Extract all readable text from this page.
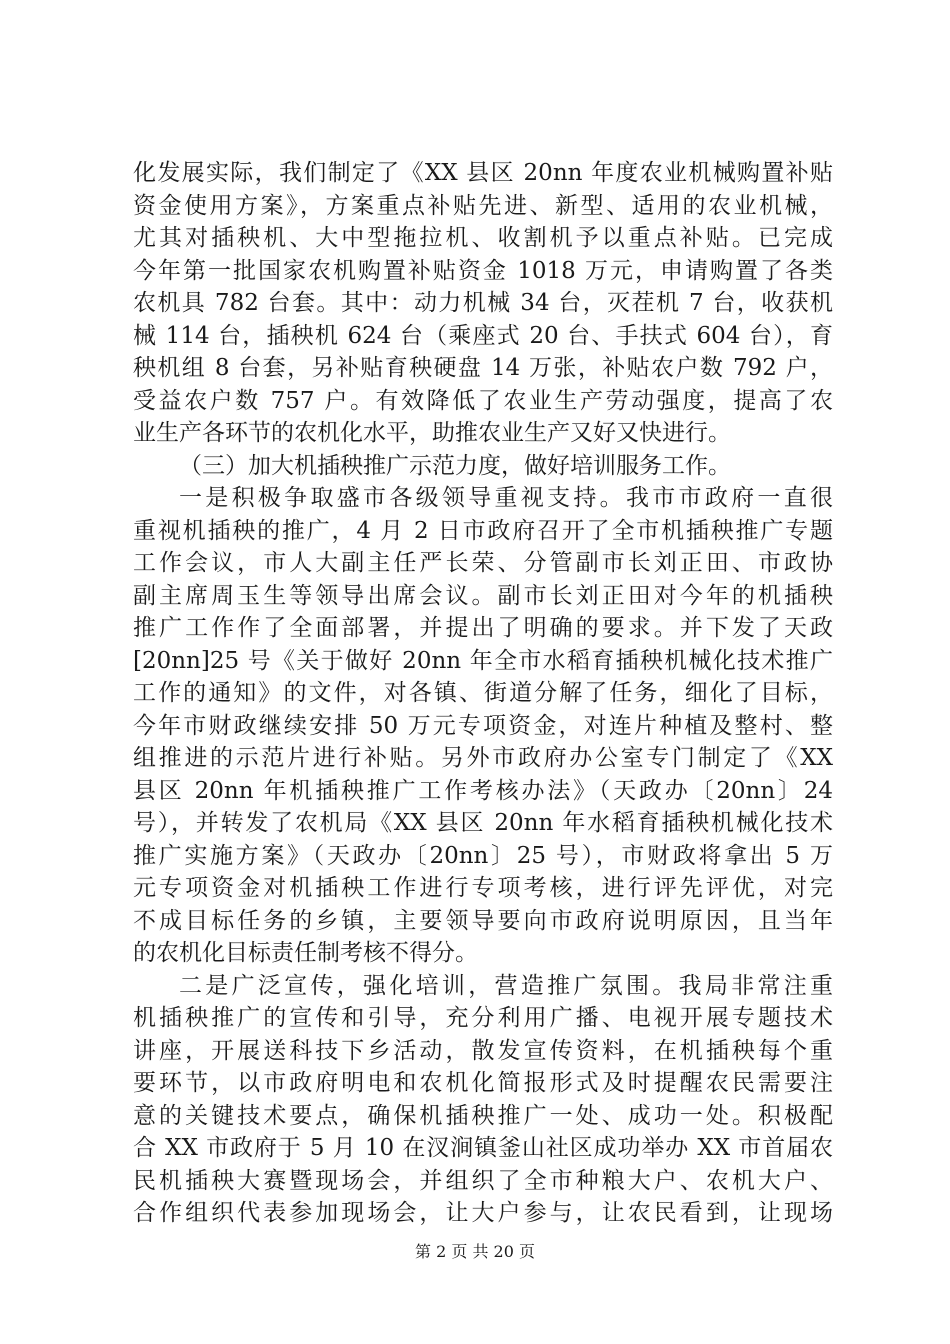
化发展实际，我们制定了《XX 县区 20nn 年度农业机械购置补贴
资金使用方案》，方案重点补贴先进、新型、适用的农业机械，
尤其对插秧机、大中型拖拉机、收割机予以重点补贴。已完成
今年第一批国家农机购置补贴资金 1018 万元，申请购置了各类
农机具 782 台套。其中：动力机械 34 台，灭茬机 7 台，收获机
械 114 台，插秧机 624 台（乘座式 20 台、手扶式 604 台），育
秧机组 8 台套，另补贴育秧硬盘 14 万张，补贴农户数 792 户，
受益农户数 757 户。有效降低了农业生产劳动强度，提高了农
业生产各环节的农机化水平，助推农业生产又好又快进行。
（三）加大机插秧推广示范力度，做好培训服务工作。
一是积极争取盛市各级领导重视支持。我市市政府一直很
重视机插秧的推广，4 月 2 日市政府召开了全市机插秧推广专题
工作会议，市人大副主任严长荣、分管副市长刘正田、市政协
副主席周玉生等领导出席会议。副市长刘正田对今年的机插秧
推广工作作了全面部署，并提出了明确的要求。并下发了天政
[20nn]25 号《关于做好 20nn 年全市水稻育插秧机械化技术推广
工作的通知》的文件，对各镇、街道分解了任务，细化了目标，
今年市财政继续安排 50 万元专项资金，对连片种植及整村、整
组推进的示范片进行补贴。另外市政府办公室专门制定了《XX
县区 20nn 年机插秧推广工作考核办法》（天政办〔20nn〕24
号），并转发了农机局《XX 县区 20nn 年水稻育插秧机械化技术
推广实施方案》（天政办〔20nn〕25 号），市财政将拿出 5 万
元专项资金对机插秧工作进行专项考核，进行评先评优，对完
不成目标任务的乡镇，主要领导要向市政府说明原因，且当年
的农机化目标责任制考核不得分。
二是广泛宣传，强化培训，营造推广氛围。我局非常注重
机插秧推广的宣传和引导，充分利用广播、电视开展专题技术
讲座，开展送科技下乡活动，散发宣传资料，在机插秧每个重
要环节，以市政府明电和农机化简报形式及时提醒农民需要注
意的关键技术要点，确保机插秧推广一处、成功一处。积极配
合 XX 市政府于 5 月 10 在汊涧镇釜山社区成功举办 XX 市首届农
民机插秧大赛暨现场会，并组织了全市种粮大户、农机大户、
合作组织代表参加现场会，让大户参与，让农民看到，让现场
第 2 页 共 20 页
